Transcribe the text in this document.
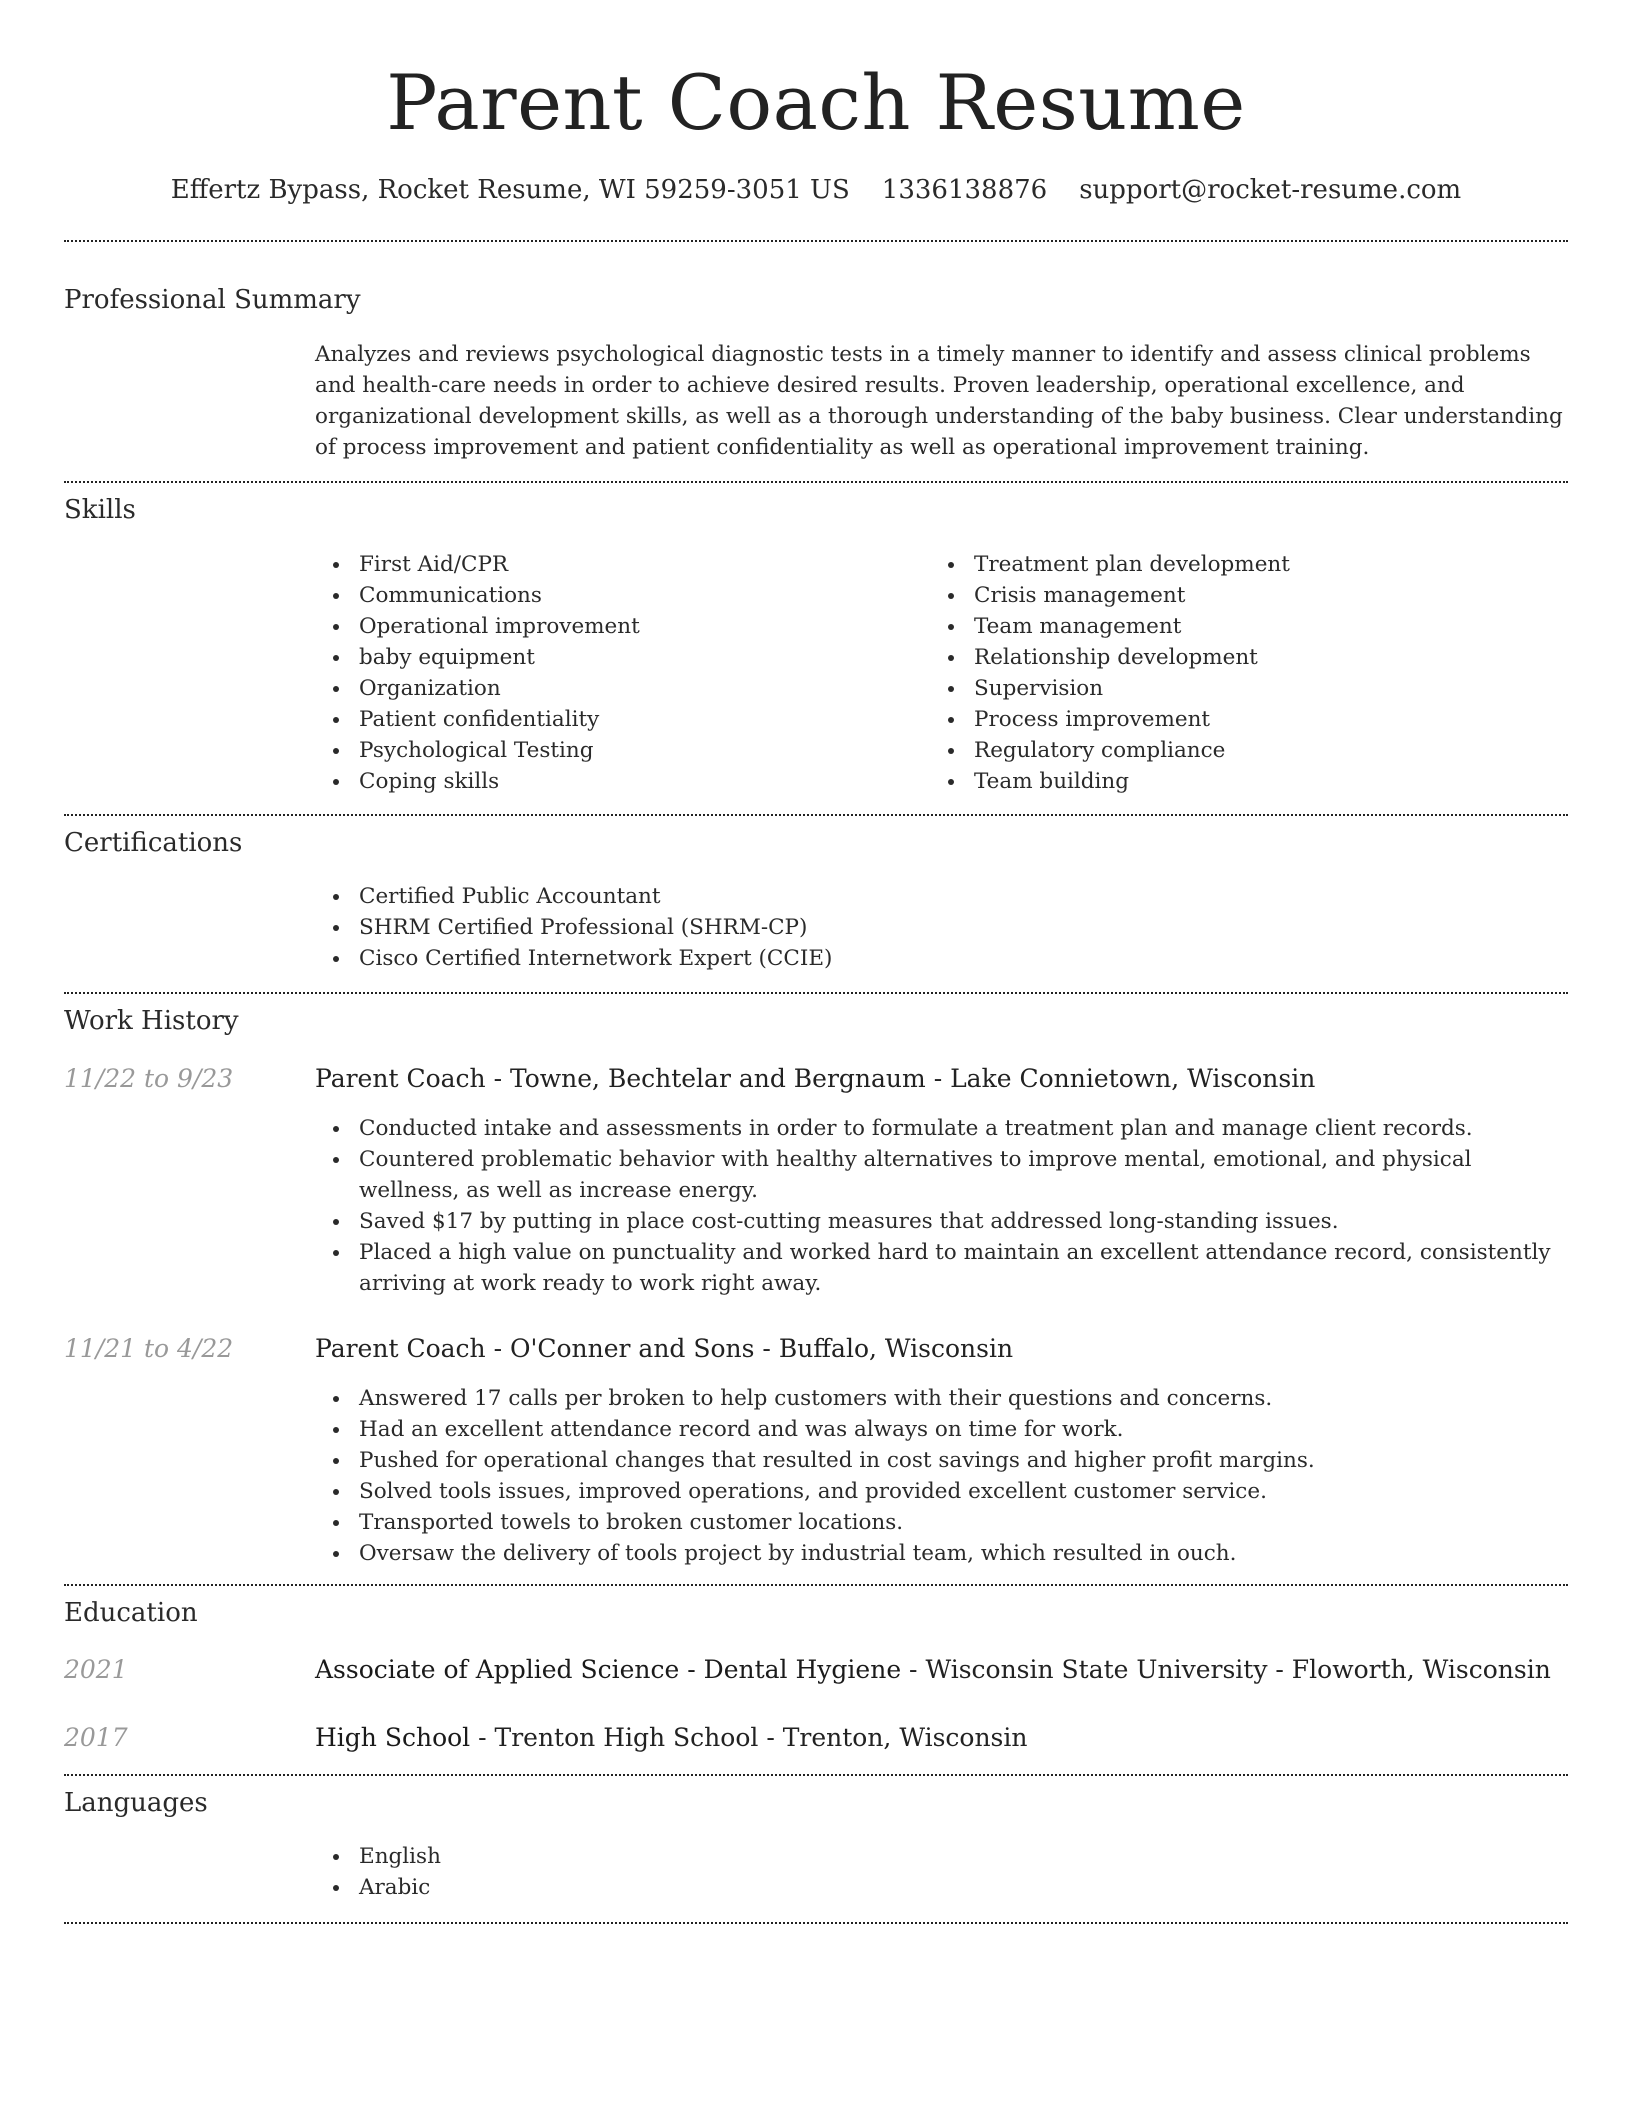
Parent Coach Resume
Effertz Bypass, Rocket Resume, WI 59259-3051 US 1336138876 support@rocket-resume.com
Professional Summary
Analyzes and reviews psychological diagnostic tests in a timely manner to identify and assess clinical problems and health-care needs in order to achieve desired results. Proven leadership, operational excellence, and organizational development skills, as well as a thorough understanding of the baby business. Clear understanding of process improvement and patient confidentiality as well as operational improvement training.
Skills
First Aid/CPR
Communications
Operational improvement
baby equipment
Organization
Patient confidentiality
Psychological Testing
Coping skills
Treatment plan development
Crisis management
Team management
Relationship development
Supervision
Process improvement
Regulatory compliance
Team building
Certifications
Certified Public Accountant
SHRM Certified Professional (SHRM-CP)
Cisco Certified Internetwork Expert (CCIE)
Work History
11/22 to 9/23	Parent Coach - Towne, Bechtelar and Bergnaum - Lake Connietown, Wisconsin
Conducted intake and assessments in order to formulate a treatment plan and manage client records.
Countered problematic behavior with healthy alternatives to improve mental, emotional, and physical wellness, as well as increase energy.
Saved $17 by putting in place cost-cutting measures that addressed long-standing issues.
Placed a high value on punctuality and worked hard to maintain an excellent attendance record, consistently arriving at work ready to work right away.
11/21 to 4/22	Parent Coach - O'Conner and Sons - Buffalo, Wisconsin
Answered 17 calls per broken to help customers with their questions and concerns.
Had an excellent attendance record and was always on time for work.
Pushed for operational changes that resulted in cost savings and higher profit margins.
Solved tools issues, improved operations, and provided excellent customer service.
Transported towels to broken customer locations.
Oversaw the delivery of tools project by industrial team, which resulted in ouch.
Education
2021	Associate of Applied Science - Dental Hygiene - Wisconsin State University - Floworth, Wisconsin
2017	High School - Trenton High School - Trenton, Wisconsin
Languages
English
Arabic
